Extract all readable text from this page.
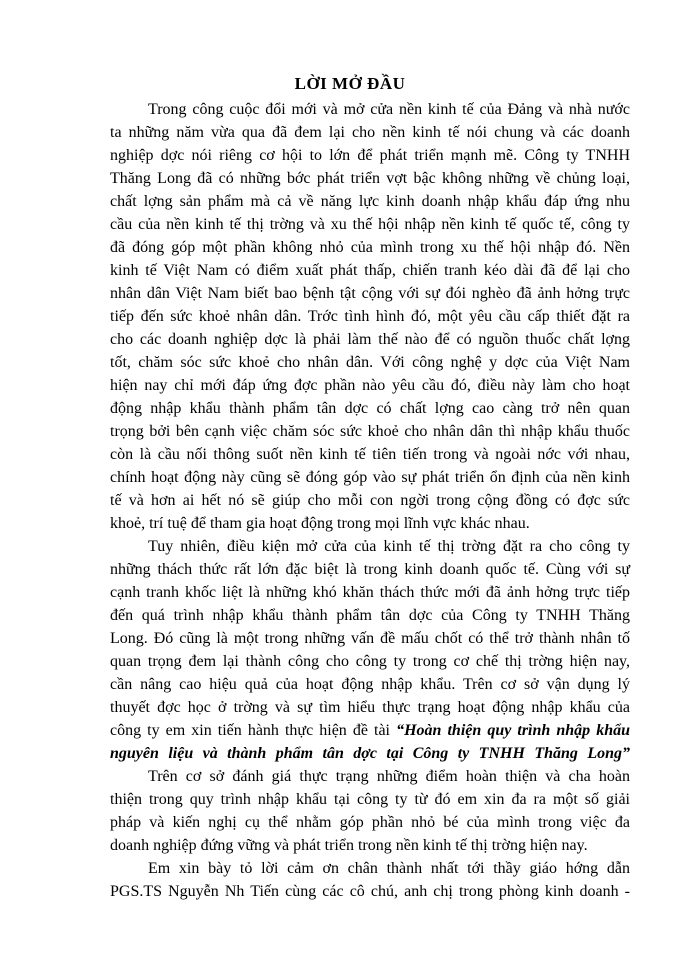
LỜI MỞ ĐẦU
Trong công cuộc đổi mới và mở cửa nền kinh tế của Đảng và nhà nước
ta những năm vừa qua đã đem lại cho nền kinh tế nói chung và các doanh
nghiệp dợc nói riêng cơ hội to lớn để phát triển mạnh mẽ. Công ty TNHH
Thăng Long đã có những bớc phát triển vợt bậc không những về chủng loại,
chất lợng sản phẩm mà cả về năng lực kinh doanh nhập khẩu đáp ứng nhu
cầu của nền kinh tế thị trờng và xu thế hội nhập nền kinh tế quốc tế, công ty
đã đóng góp một phần không nhỏ của mình trong xu thế hội nhập đó. Nền
kinh tế Việt Nam có điểm xuất phát thấp, chiến tranh kéo dài đã để lại cho
nhân dân Việt Nam biết bao bệnh tật cộng với sự đói nghèo đã ảnh hởng trực
tiếp đến sức khoẻ nhân dân. Trớc tình hình đó, một yêu cầu cấp thiết đặt ra
cho các doanh nghiệp dợc là phải làm thế nào để có nguồn thuốc chất lợng
tốt, chăm sóc sức khoẻ cho nhân dân. Với công nghệ y dợc của Việt Nam
hiện nay chỉ mới đáp ứng đợc phần nào yêu cầu đó, điều này làm cho hoạt
động nhập khẩu thành phẩm tân dợc có chất lợng cao càng trở nên quan
trọng bởi bên cạnh việc chăm sóc sức khoẻ cho nhân dân thì nhập khẩu thuốc
còn là cầu nối thông suốt nền kinh tế tiên tiến trong và ngoài nớc với nhau,
chính hoạt động này cũng sẽ đóng góp vào sự phát triển ổn định của nền kinh
tế và hơn ai hết nó sẽ giúp cho mỗi con ngời trong cộng đồng có đợc sức
khoẻ, trí tuệ để tham gia hoạt động trong mọi lĩnh vực khác nhau.
Tuy nhiên, điều kiện mở cửa của kinh tế thị trờng đặt ra cho công ty
những thách thức rất lớn đặc biệt là trong kinh doanh quốc tế. Cùng với sự
cạnh tranh khốc liệt là những khó khăn thách thức mới đã ảnh hởng trực tiếp
đến quá trình nhập khẩu thành phẩm tân dợc của Công ty TNHH Thăng
Long. Đó cũng là một trong những vấn đề mấu chốt có thể trở thành nhân tố
quan trọng đem lại thành công cho công ty trong cơ chế thị trờng hiện nay,
cần nâng cao hiệu quả của hoạt động nhập khẩu. Trên cơ sở vận dụng lý
thuyết đợc học ở trờng và sự tìm hiểu thực trạng hoạt động nhập khẩu của
công ty em xin tiến hành thực hiện đề tài “Hoàn thiện quy trình nhập khẩu
nguyên liệu và thành phẩm tân dợc tại Công ty TNHH Thăng Long”
Trên cơ sở đánh giá thực trạng những điểm hoàn thiện và cha hoàn
thiện trong quy trình nhập khẩu tại công ty từ đó em xin đa ra một số giải
pháp và kiến nghị cụ thể nhằm góp phần nhỏ bé của mình trong việc đa
doanh nghiệp đứng vững và phát triển trong nền kinh tế thị trờng hiện nay.
Em xin bày tỏ lời cảm ơn chân thành nhất tới thầy giáo hớng dẫn
PGS.TS Nguyễn Nh Tiến cùng các cô chú, anh chị trong phòng kinh doanh -
